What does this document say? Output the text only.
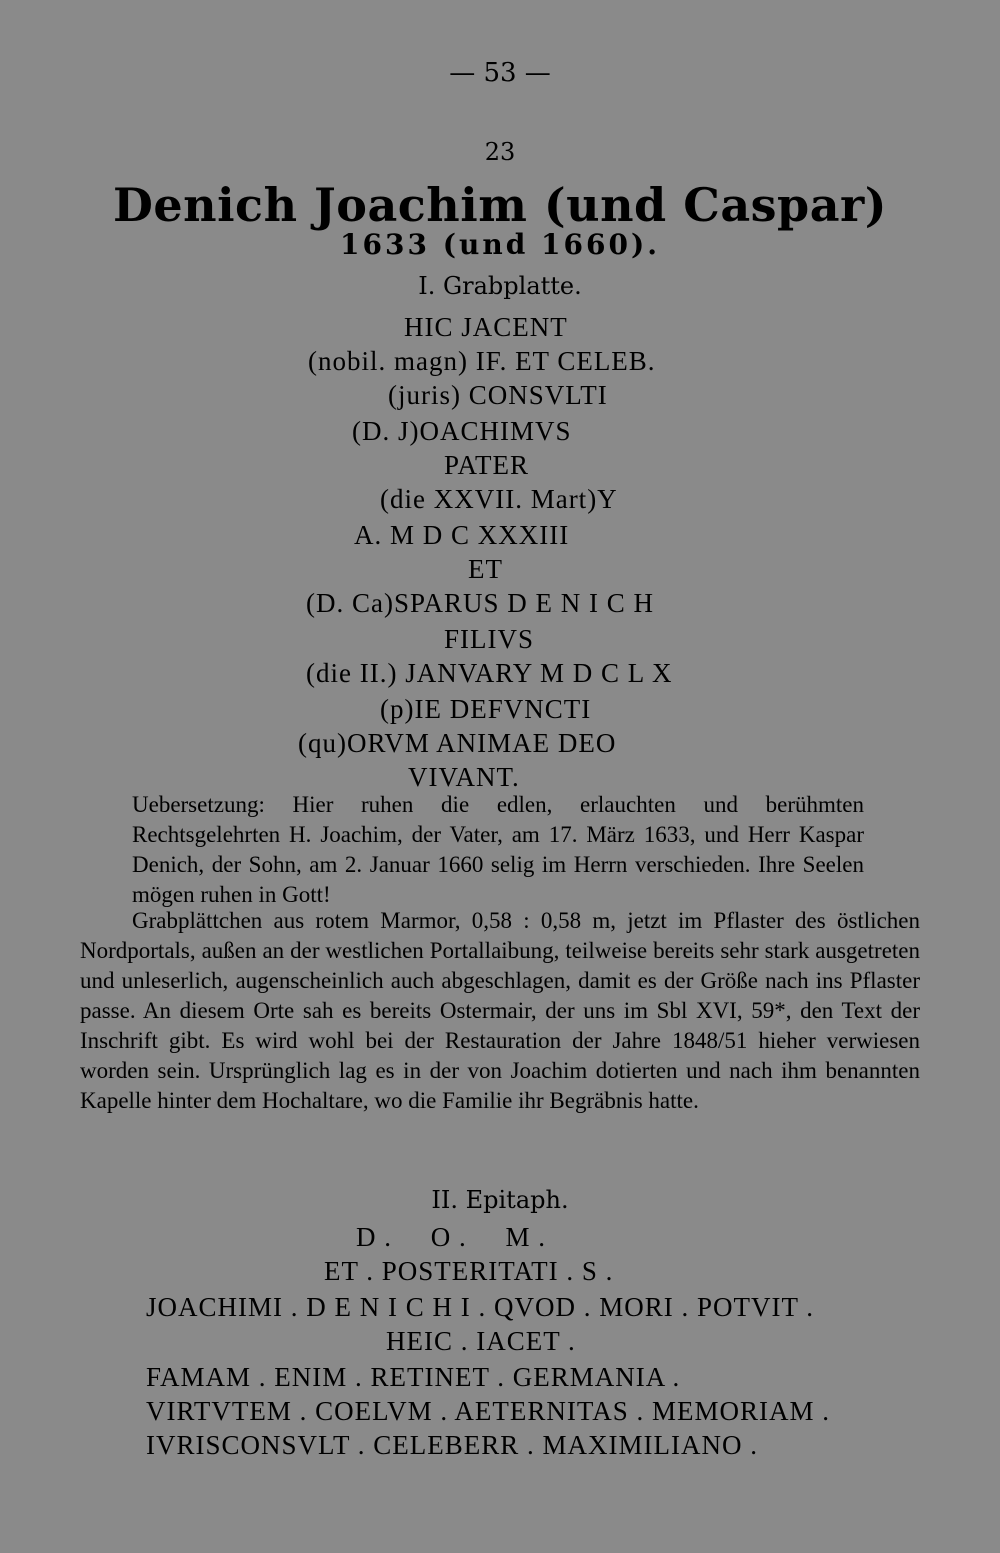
— 53 —
23
Denich Joachim (und Caspar)
1633 (und 1660).
I. Grabplatte.
HIC JACENT
(nobil. magn) IF. ET CELEB.
(juris) CONSVLTI
(D. J)OACHIMVS
PATER
(die XXVII. Mart)Y
A. M D C XXXIII
ET
(D. Ca)SPARUS D E N I C H
FILIVS
(die II.) JANVARY M D C L X
(p)IE DEFVNCTI
(qu)ORVM ANIMAE DEO
VIVANT.

Uebersetzung: Hier ruhen die edlen, erlauchten und berühmten Rechtsgelehrten H. Joachim, der Vater, am 17. März 1633, und Herr Kaspar Denich, der Sohn, am 2. Januar 1660 selig im Herrn verschieden. Ihre Seelen mögen ruhen in Gott!

Grabplättchen aus rotem Marmor, 0,58 : 0,58 m, jetzt im Pflaster des östlichen Nordportals, außen an der westlichen Portallaibung, teilweise bereits sehr stark ausgetreten und unleserlich, augenscheinlich auch abgeschlagen, damit es der Größe nach ins Pflaster passe. An diesem Orte sah es bereits Ostermair, der uns im Sbl XVI, 59*, den Text der Inschrift gibt. Es wird wohl bei der Restauration der Jahre 1848/51 hieher verwiesen worden sein. Ursprünglich lag es in der von Joachim dotierten und nach ihm benannten Kapelle hinter dem Hochaltare, wo die Familie ihr Begräbnis hatte.

II. Epitaph.
D .     O .     M .
ET . POSTERITATI . S .
JOACHIMI . D E N I C H I . QVOD . MORI . POTVIT .
HEIC . IACET .
FAMAM . ENIM . RETINET . GERMANIA .
VIRTVTEM . COELVM . AETERNITAS . MEMORIAM .
IVRISCONSVLT . CELEBERR . MAXIMILIANO .
